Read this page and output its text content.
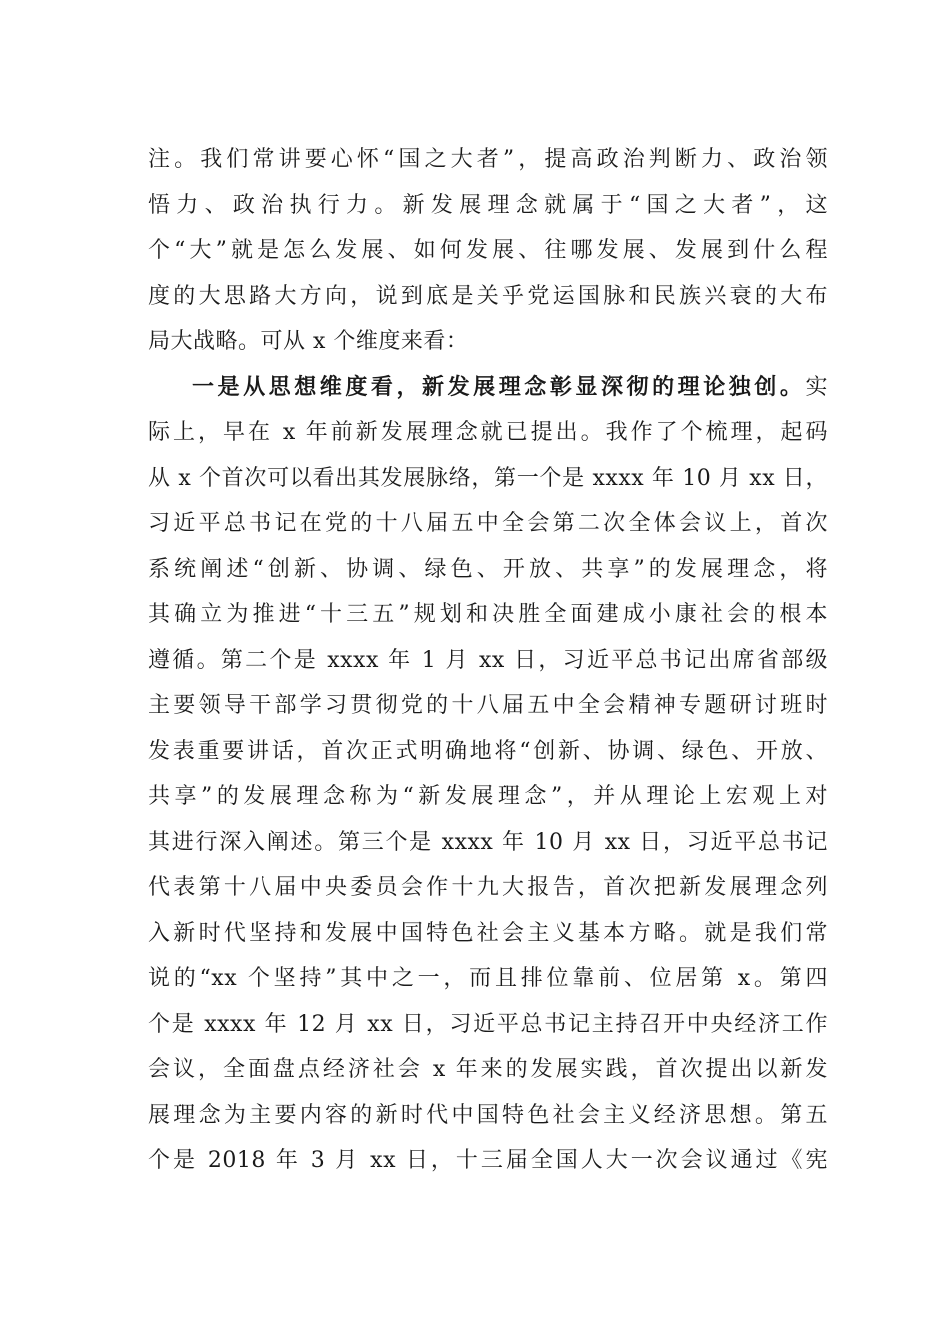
注。我们常讲要心怀“国之大者”，提高政治判断力、政治领
悟力、政治执行力。新发展理念就属于“国之大者”，这
个“大”就是怎么发展、如何发展、往哪发展、发展到什么程
度的大思路大方向，说到底是关乎党运国脉和民族兴衰的大布
局大战略。可从 x 个维度来看：
一是从思想维度看，新发展理念彰显深彻的理论独创。实
际上，早在 x 年前新发展理念就已提出。我作了个梳理，起码
从 x 个首次可以看出其发展脉络，第一个是 xxxx 年 10 月 xx 日，
习近平总书记在党的十八届五中全会第二次全体会议上，首次
系统阐述“创新、协调、绿色、开放、共享”的发展理念，将
其确立为推进“十三五”规划和决胜全面建成小康社会的根本
遵循。第二个是 xxxx 年 1 月 xx 日，习近平总书记出席省部级
主要领导干部学习贯彻党的十八届五中全会精神专题研讨班时
发表重要讲话，首次正式明确地将“创新、协调、绿色、开放、
共享”的发展理念称为“新发展理念”，并从理论上宏观上对
其进行深入阐述。第三个是 xxxx 年 10 月 xx 日，习近平总书记
代表第十八届中央委员会作十九大报告，首次把新发展理念列
入新时代坚持和发展中国特色社会主义基本方略。就是我们常
说的“xx 个坚持”其中之一，而且排位靠前、位居第 x。第四
个是 xxxx 年 12 月 xx 日，习近平总书记主持召开中央经济工作
会议，全面盘点经济社会 x 年来的发展实践，首次提出以新发
展理念为主要内容的新时代中国特色社会主义经济思想。第五
个是 2018 年 3 月 xx 日，十三届全国人大一次会议通过《宪
